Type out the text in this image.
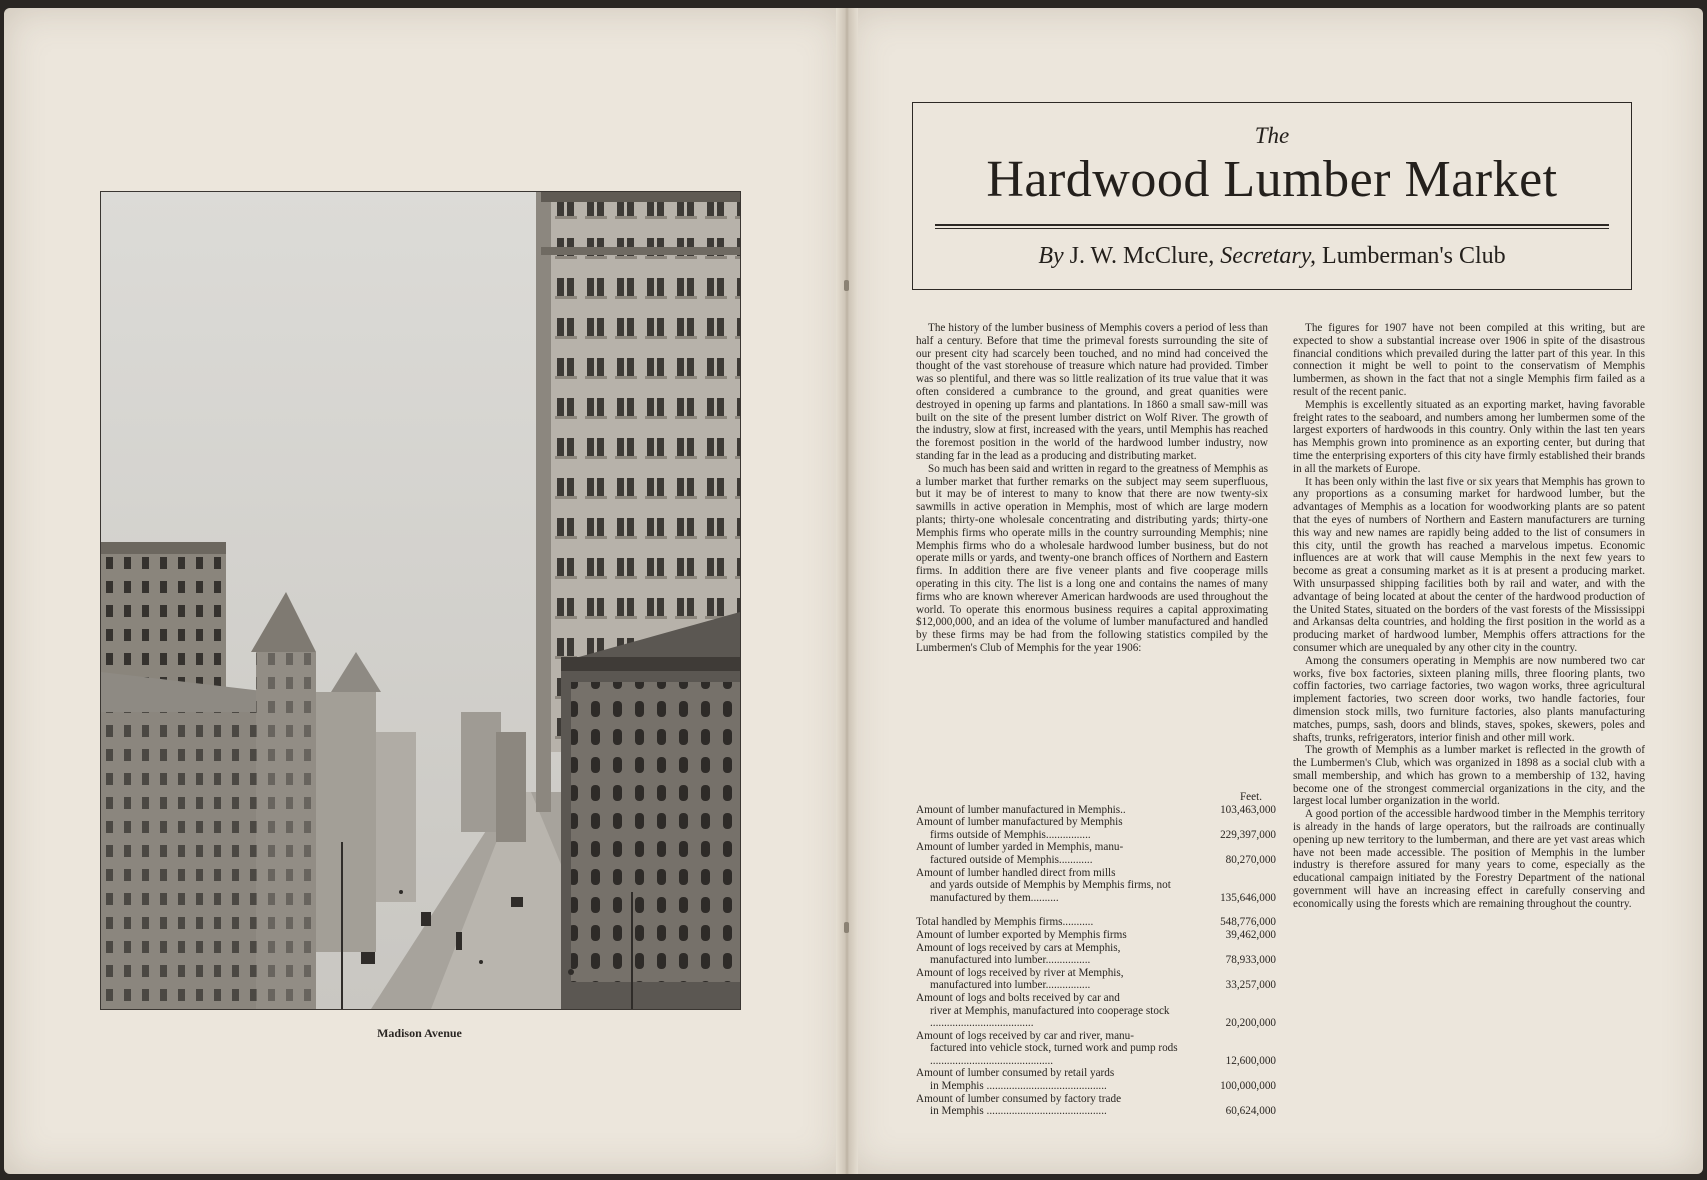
Madison Avenue
The
Hardwood Lumber Market
By J. W. McClure, Secretary, Lumberman's Club

The history of the lumber business of Memphis covers a period of less than half a century. Before that time the primeval forests surrounding the site of our present city had scarcely been touched, and no mind had conceived the thought of the vast storehouse of treasure which nature had provided. Timber was so plentiful, and there was so little realization of its true value that it was often considered a cumbrance to the ground, and great quanities were destroyed in opening up farms and plantations. In 1860 a small saw-mill was built on the site of the present lumber district on Wolf River. The growth of the industry, slow at first, increased with the years, until Memphis has reached the foremost position in the world of the hardwood lumber industry, now standing far in the lead as a producing and distributing market.

So much has been said and written in regard to the greatness of Memphis as a lumber market that further remarks on the subject may seem superfluous, but it may be of interest to many to know that there are now twenty-six sawmills in active operation in Memphis, most of which are large modern plants; thirty-one wholesale concentrating and distributing yards; thirty-one Memphis firms who operate mills in the country surrounding Memphis; nine Memphis firms who do a wholesale hardwood lumber business, but do not operate mills or yards, and twenty-one branch offices of Northern and Eastern firms. In addition there are five veneer plants and five cooperage mills operating in this city. The list is a long one and contains the names of many firms who are known wherever American hardwoods are used throughout the world. To operate this enormous business requires a capital approximating $12,000,000, and an idea of the volume of lumber manufactured and handled by these firms may be had from the following statistics compiled by the Lumbermen's Club of Memphis for the year 1906:

Feet.
Amount of lumber manufactured in Memphis..	103,463,000
Amount of lumber manufactured by Memphis
firms outside of Memphis................	229,397,000
Amount of lumber yarded in Memphis, manu-
factured outside of Memphis............	80,270,000
Amount of lumber handled direct from mills
and yards outside of Memphis by Memphis firms, not manufactured by them..........	135,646,000
Total handled by Memphis firms...........	548,776,000
Amount of lumber exported by Memphis firms	39,462,000
Amount of logs received by cars at Memphis,
manufactured into lumber................	78,933,000
Amount of logs received by river at Memphis,
manufactured into lumber................	33,257,000
Amount of logs and bolts received by car and
river at Memphis, manufactured into cooperage stock .....................................	20,200,000
Amount of logs received by car and river, manu-
factured into vehicle stock, turned work and pump rods ............................................	12,600,000
Amount of lumber consumed by retail yards
in Memphis ...........................................	100,000,000
Amount of lumber consumed by factory trade
in Memphis ...........................................	60,624,000

The figures for 1907 have not been compiled at this writing, but are expected to show a substantial increase over 1906 in spite of the disastrous financial conditions which prevailed during the latter part of this year. In this connection it might be well to point to the conservatism of Memphis lumbermen, as shown in the fact that not a single Memphis firm failed as a result of the recent panic.

Memphis is excellently situated as an exporting market, having favorable freight rates to the seaboard, and numbers among her lumbermen some of the largest exporters of hardwoods in this country. Only within the last ten years has Memphis grown into prominence as an exporting center, but during that time the enterprising exporters of this city have firmly established their brands in all the markets of Europe.

It has been only within the last five or six years that Memphis has grown to any proportions as a consuming market for hardwood lumber, but the advantages of Memphis as a location for woodworking plants are so patent that the eyes of numbers of Northern and Eastern manufacturers are turning this way and new names are rapidly being added to the list of consumers in this city, until the growth has reached a marvelous impetus. Economic influences are at work that will cause Memphis in the next few years to become as great a consuming market as it is at present a producing market. With unsurpassed shipping facilities both by rail and water, and with the advantage of being located at about the center of the hardwood production of the United States, situated on the borders of the vast forests of the Mississippi and Arkansas delta countries, and holding the first position in the world as a producing market of hardwood lumber, Memphis offers attractions for the consumer which are unequaled by any other city in the country.

Among the consumers operating in Memphis are now numbered two car works, five box factories, sixteen planing mills, three flooring plants, two coffin factories, two carriage factories, two wagon works, three agricultural implement factories, two screen door works, two handle factories, four dimension stock mills, two furniture factories, also plants manufacturing matches, pumps, sash, doors and blinds, staves, spokes, skewers, poles and shafts, trunks, refrigerators, interior finish and other mill work.

The growth of Memphis as a lumber market is reflected in the growth of the Lumbermen's Club, which was organized in 1898 as a social club with a small membership, and which has grown to a membership of 132, having become one of the strongest commercial organizations in the city, and the largest local lumber organization in the world.

A good portion of the accessible hardwood timber in the Memphis territory is already in the hands of large operators, but the railroads are continually opening up new territory to the lumberman, and there are yet vast areas which have not been made accessible. The position of Memphis in the lumber industry is therefore assured for many years to come, especially as the educational campaign initiated by the Forestry Department of the national government will have an increasing effect in carefully conserving and economically using the forests which are remaining throughout the country.
